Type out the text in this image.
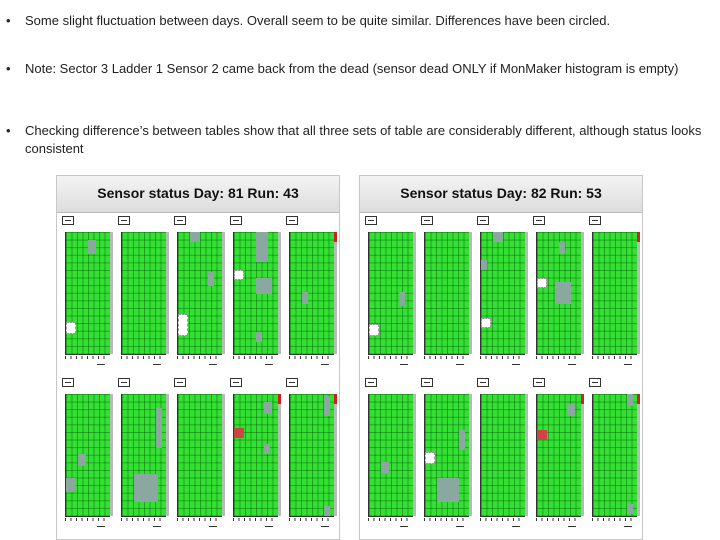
• Some slight fluctuation between days. Overall seem to be quite similar. Differences have been circled.
• Note: Sector 3 Ladder 1 Sensor 2 came back from the dead (sensor dead ONLY if MonMaker histogram is empty)
• Checking difference’s between tables show that all three sets of table are considerably different, although status looks consistent
Sensor status Day: 81 Run: 43	Sensor status Day: 82 Run: 53
